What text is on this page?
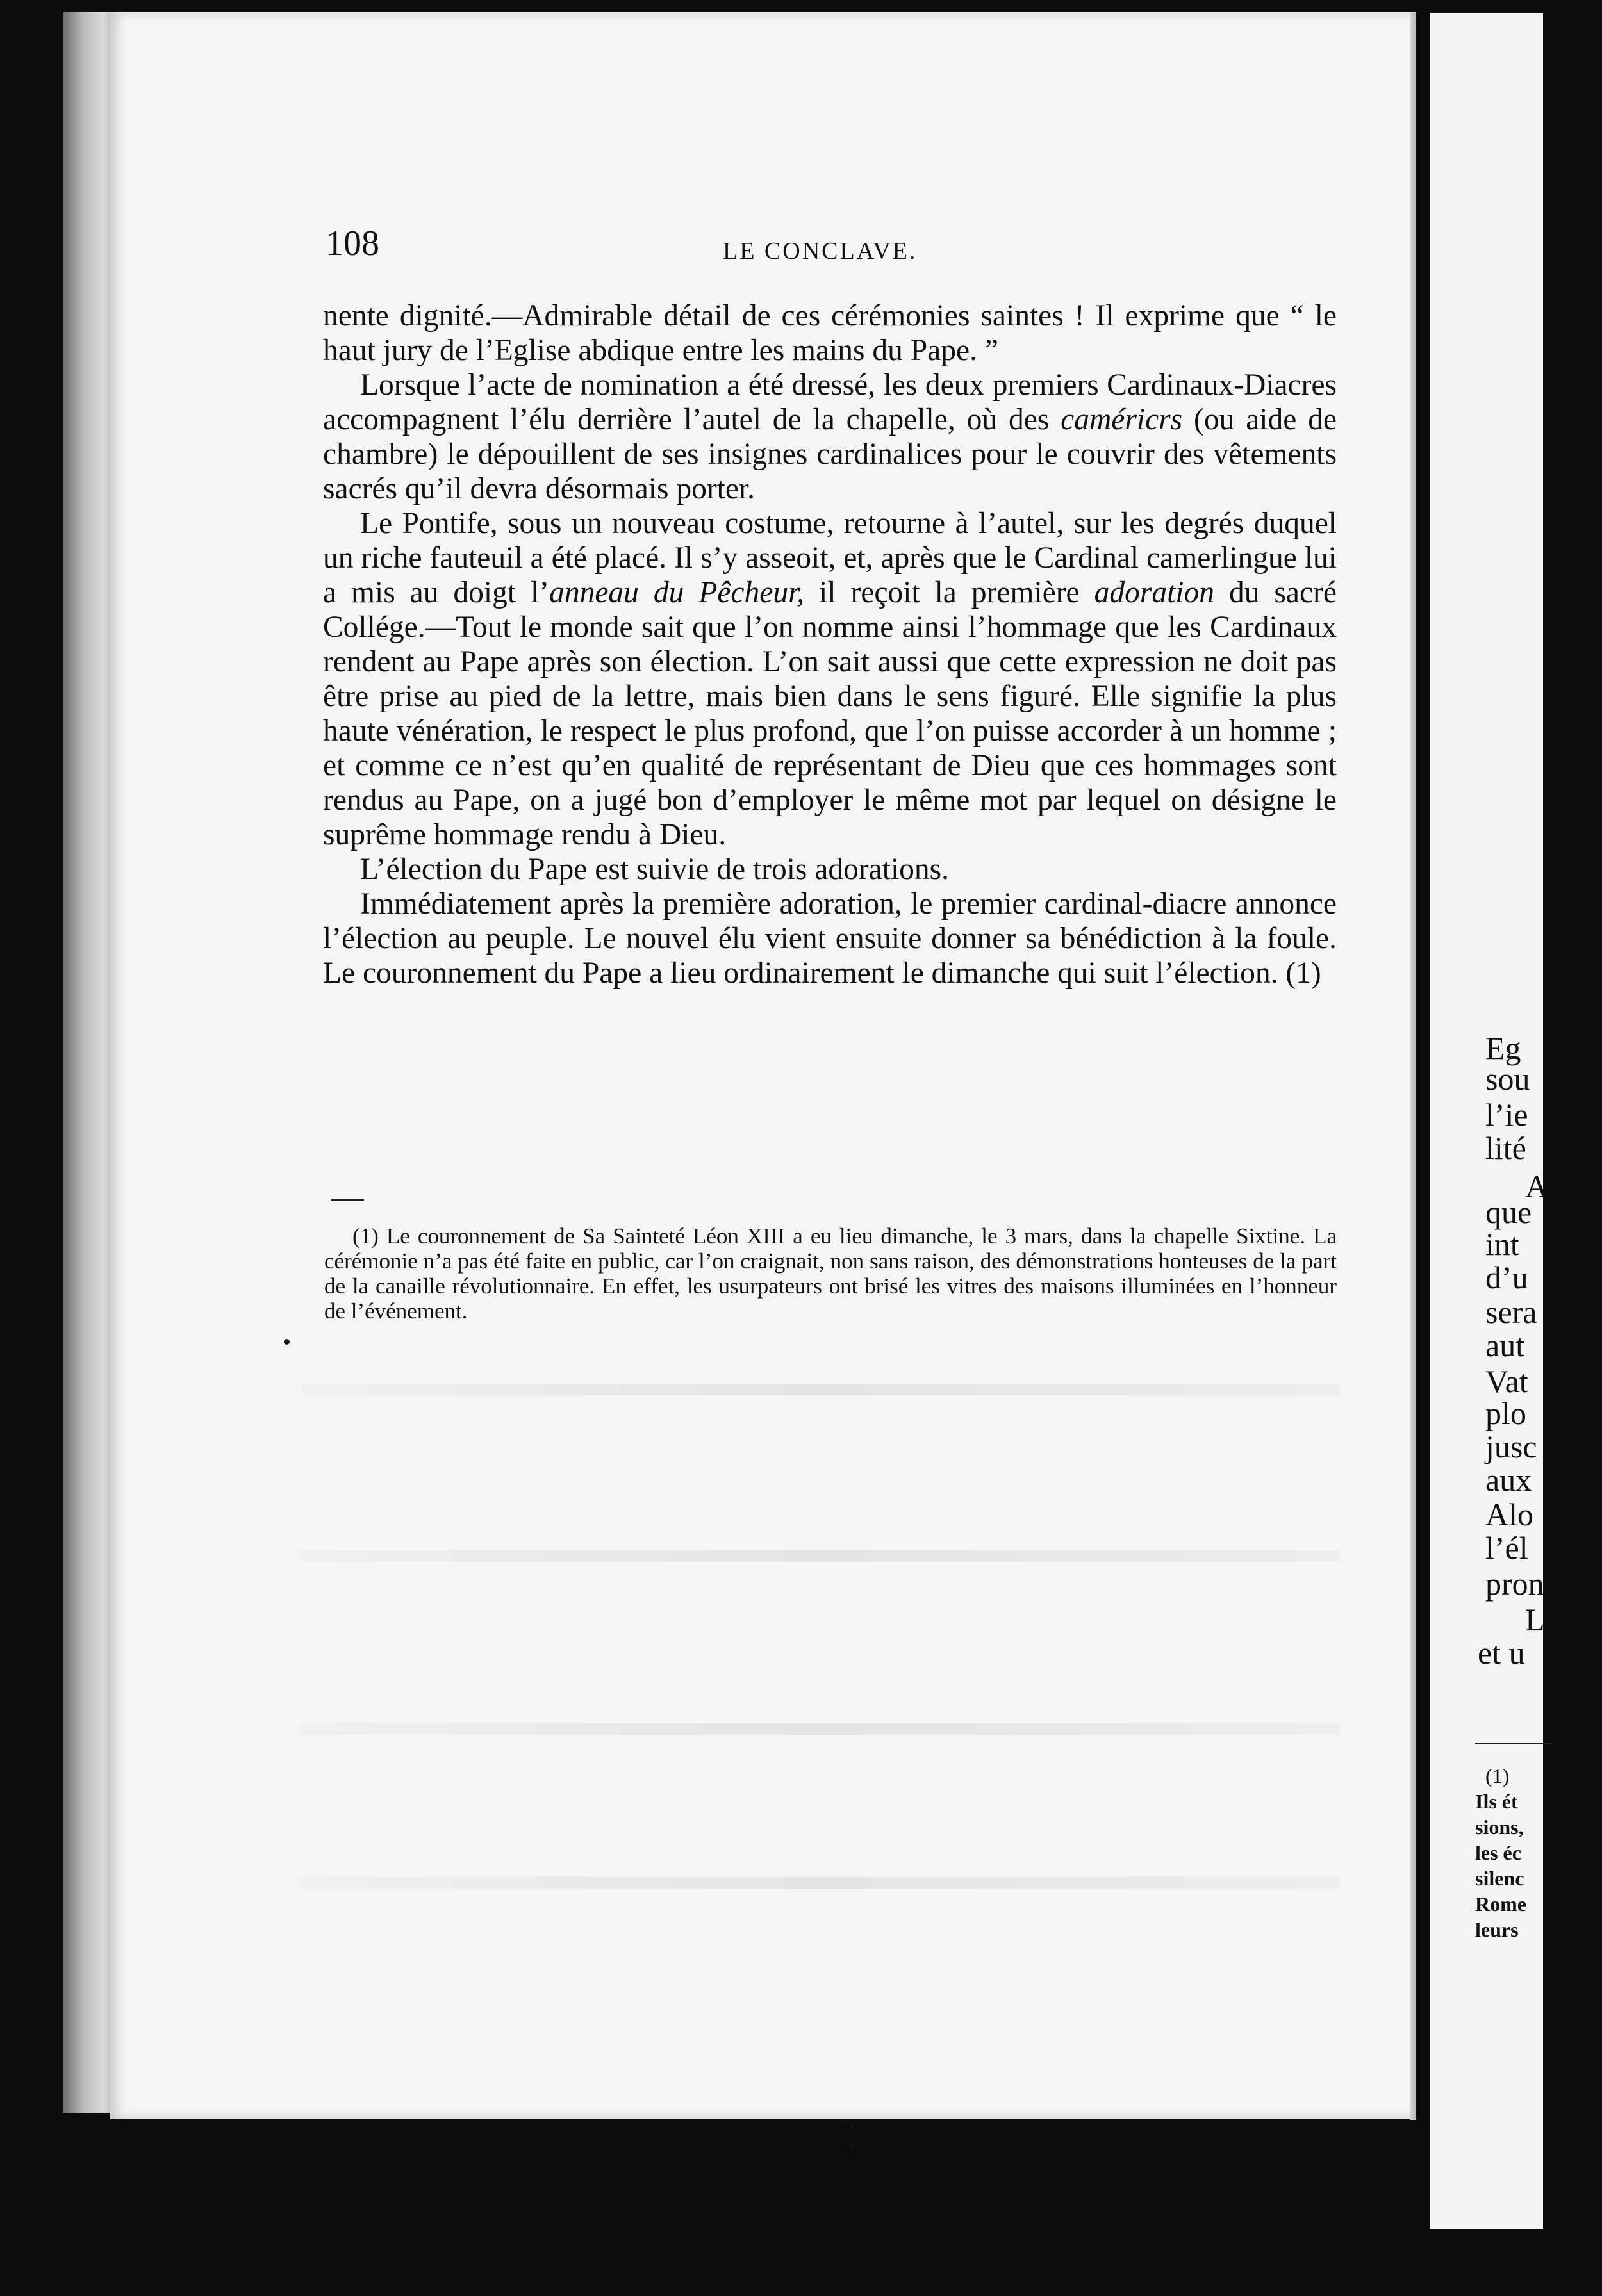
Eg
sou
l’ie
lité
A
que
int
d’u
sera
aut
Vat
plo
jusc
aux
Alo
l’él
pron
L
et u
(1)
Ils ét
sions,
les éc
silenc
Rome
leurs
108	LE CONCLAVE.

nente dignité.—Admirable détail de ces cérémonies saintes ! Il exprime que “ le haut jury de l’Eglise abdique entre les mains du Pape. ”

Lorsque l’acte de nomination a été dressé, les deux premiers Cardinaux-Diacres accompagnent l’élu derrière l’autel de la chapelle, où des caméricrs (ou aide de chambre) le dépouillent de ses insignes cardinalices pour le couvrir des vêtements sacrés qu’il devra désormais porter.

Le Pontife, sous un nouveau costume, retourne à l’autel, sur les degrés duquel un riche fauteuil a été placé. Il s’y asseoit, et, après que le Cardinal camerlingue lui a mis au doigt l’anneau du Pêcheur, il reçoit la première adoration du sacré Collége.—Tout le monde sait que l’on nomme ainsi l’hommage que les Cardinaux rendent au Pape après son élection. L’on sait aussi que cette expression ne doit pas être prise au pied de la lettre, mais bien dans le sens figuré. Elle signifie la plus haute vénération, le respect le plus profond, que l’on puisse accorder à un homme ; et comme ce n’est qu’en qualité de représentant de Dieu que ces hommages sont rendus au Pape, on a jugé bon d’employer le même mot par lequel on désigne le suprême hommage rendu à Dieu.

L’élection du Pape est suivie de trois adorations.

Immédiatement après la première adoration, le premier cardinal-diacre annonce l’élection au peuple. Le nouvel élu vient ensuite donner sa bénédiction à la foule. Le couronnement du Pape a lieu ordinairement le dimanche qui suit l’élection. (1)

(1) Le couronnement de Sa Sainteté Léon XIII a eu lieu dimanche, le 3 mars, dans la chapelle Sixtine. La cérémonie n’a pas été faite en public, car l’on craignait, non sans raison, des démonstrations honteuses de la part de la canaille révolutionnaire. En effet, les usurpateurs ont brisé les vitres des maisons illuminées en l’honneur de l’événement.
